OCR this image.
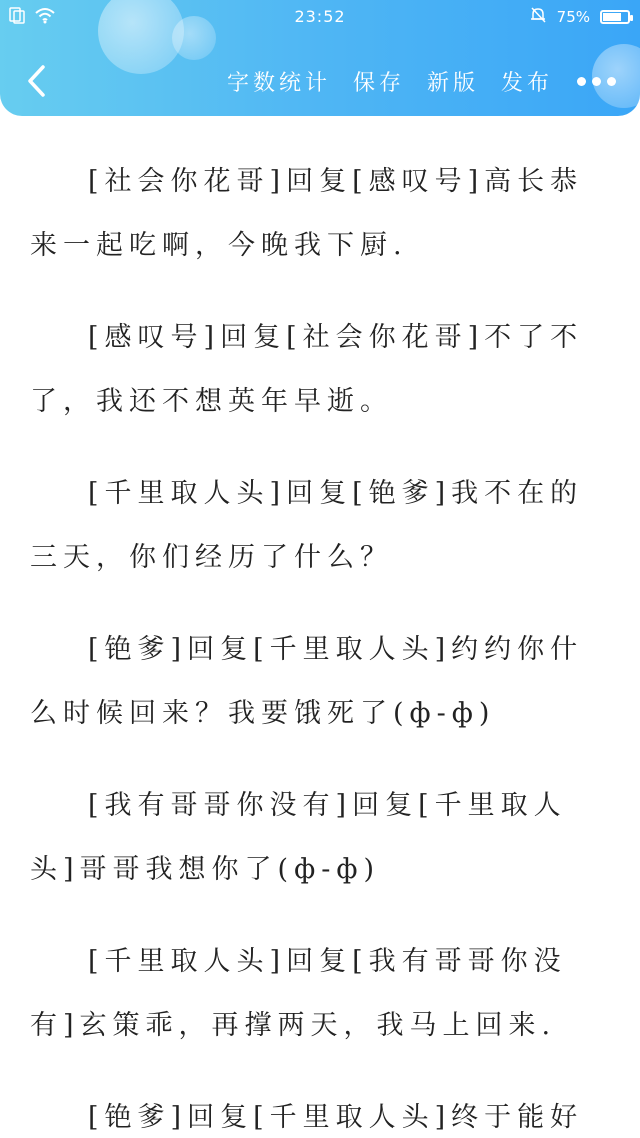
23:52	75%
字数统计 保存 新版 发布

[社会你花哥]回复[感叹号]高长恭来一起吃啊，今晚我下厨.

[感叹号]回复[社会你花哥]不了不了，我还不想英年早逝。

[千里取人头]回复[铯爹]我不在的三天，你们经历了什么？

[铯爹]回复[千里取人头]约约你什么时候回来？我要饿死了(ф-ф)

[我有哥哥你没有]回复[千里取人头]哥哥我想你了(ф-ф)

[千里取人头]回复[我有哥哥你没有]玄策乖，再撑两天，我马上回来.

[铯爹]回复[千里取人头]终于能好
